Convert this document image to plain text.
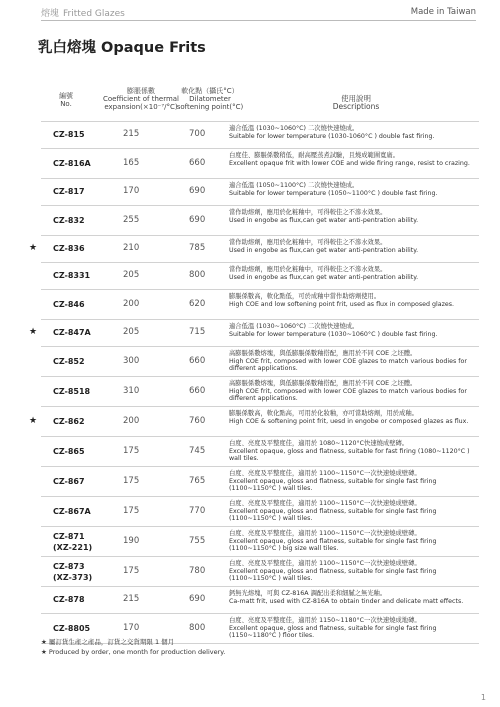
熔塊 Fritted Glazes	Made in Taiwan
乳白熔塊 Opaque Frits
編號
No.
膨脹係數
Coefficient of thermal
expansion(×10⁻⁷/°C)
軟化點（攝氏°C）
Dilatometer
softening point(°C)
使用說明
Descriptions
CZ-815	215	700
適合低溫 (1030~1060°C) 二次燒快速燒成。
Suitable for lower temperature (1030-1060°C ) double fast firing.
CZ-816A	165	660
白度佳、膨脹係數稍低，耐高壓蒸煮試驗，且燒成範圍寬廣。
Excellent opaque frit with lower COE and wide firing range, resist to crazing.
CZ-817	170	690
適合低溫 (1050~1100°C) 二次燒快速燒成。
Suitable for lower temperature (1050~1100°C ) double fast firing.
CZ-832	255	690
當作助熔劑，應用於化粧釉中，可得較佳之不滲水效果。
Used in engobe as flux,can get water anti-pentration ability.
★ CZ-836	210	785
當作助熔劑，應用於化粧釉中，可得較佳之不滲水效果。
Used in engobe as flux,can get water anti-pentration ability.
CZ-8331	205	800
當作助熔劑，應用於化粧釉中，可得較佳之不滲水效果。
Used in engobe as flux,can get water anti-pentration ability.
CZ-846	200	620
膨脹係數高，軟化點低，可於成釉中當作助熔劑使用。
High COE and low softening point frit, used as flux in composed glazes.
★ CZ-847A	205	715
適合低溫 (1030~1060°C) 二次燒快速燒成。
Suitable for lower temperature (1030~1060°C ) double fast firing.
CZ-852	300	660
高膨脹係數熔塊，與低膨脹係數釉搭配，應用於不同 COE 之坯體。
High COE frit, composed with lower COE glazes to match various bodies for different applications.
CZ-8518	310	660
高膨脹係數熔塊，與低膨脹係數釉搭配，應用於不同 COE 之坯體。
High COE frit, composed with lower COE glazes to match various bodies for different applications.
★ CZ-862	200	760
膨脹係數高，軟化點高，可用於化妝釉，亦可當助熔劑，用於成釉。
High COE & softening point frit, uesd in engobe or composed glazes as flux.
CZ-865	175	745
白度、亮度及平整度佳，適用於 1080~1120°C快速燒成壁磚。
Excellent opaque, gloss and flatness, suitable for fast firing (1080~1120°C ) wall tiles.
CZ-867	175	765
白度、亮度及平整度佳，適用於 1100~1150°C一次快速燒成壁磚。
Excellent opaque, gloss and flatness, suitable for single fast firing (1100~1150°C ) wall tiles.
CZ-867A	175	770
白度、亮度及平整度佳，適用於 1100~1150°C一次快速燒成壁磚。
Excellent opaque, gloss and flatness, suitable for single fast firing (1100~1150°C ) wall tiles.
CZ-871
(XZ-221)
190	755
白度、亮度及平整度佳，適用於 1100~1150°C一次快速燒成壁磚。
Excellent opaque, gloss and flatness, suitable for single fast firing (1100~1150°C ) big size wall tiles.
CZ-873
(XZ-373)
175	780
白度、亮度及平整度佳，適用於 1100~1150°C一次快速燒成壁磚。
Excellent opaque, gloss and flatness, suitable for single fast firing (1100~1150°C ) wall tiles.
CZ-878	215	690
鈣無光熔塊，可與 CZ-816A 調配出柔和細膩之無光釉。
Ca-matt frit, used with CZ-816A to obtain tinder and delicate matt effects.
CZ-8805	170	800
白度、亮度及平整度佳，適用於 1150~1180°C一次快速燒成地磚。
Excellent opaque, gloss and flatness, suitable for single fast firing (1150~1180°C ) floor tiles.
★ 屬訂貨生產之產品，訂貨之交貨期限 1 個月
★ Produced by order, one month for production delivery.
1
